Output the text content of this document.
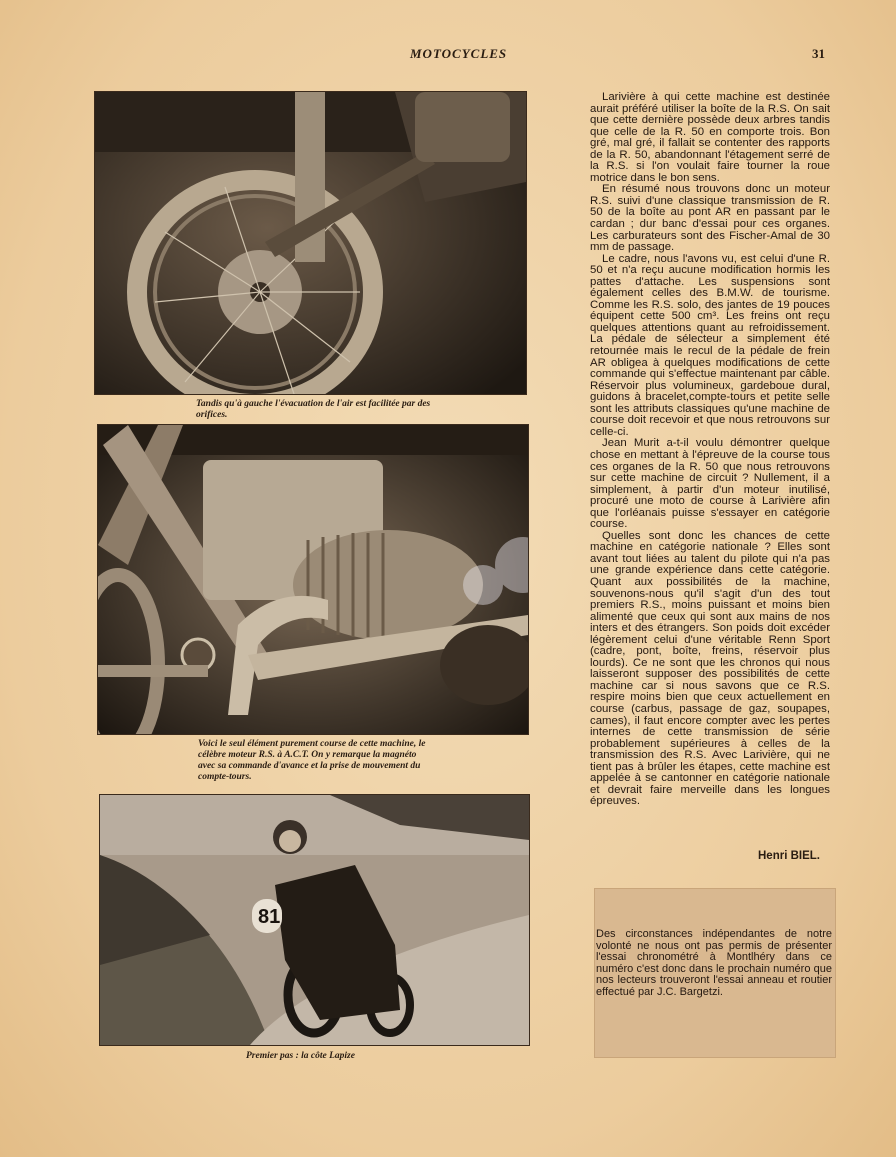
MOTOCYCLES	31
Tandis qu'à gauche l'évacuation de l'air est facilitée par des orifices.
Voici le seul élément purement course de cette machine, le célèbre moteur R.S. à A.C.T. On y remarque la magnéto avec sa commande d'avance et la prise de mouvement du compte-tours.
81
Premier pas : la côte Lapize

Larivière à qui cette machine est destinée aurait préféré utiliser la boîte de la R.S. On sait que cette dernière possède deux arbres tandis que celle de la R. 50 en comporte trois. Bon gré, mal gré, il fallait se contenter des rapports de la R. 50, abandonnant l'étagement serré de la R.S. si l'on voulait faire tourner la roue motrice dans le bon sens.

En résumé nous trouvons donc un moteur R.S. suivi d'une classique transmission de R. 50 de la boîte au pont AR en passant par le cardan ; dur banc d'essai pour ces organes. Les carburateurs sont des Fischer-Amal de 30 mm de passage.

Le cadre, nous l'avons vu, est celui d'une R. 50 et n'a reçu aucune modification hormis les pattes d'attache. Les suspensions sont également celles des B.M.W. de tourisme. Comme les R.S. solo, des jantes de 19 pouces équipent cette 500 cm³. Les freins ont reçu quelques attentions quant au refroidissement. La pédale de sélecteur a simplement été retournée mais le recul de la pédale de frein AR obligea à quelques modifications de cette commande qui s'effectue maintenant par câble. Réservoir plus volumineux, gardeboue dural, guidons à bracelet,compte-tours et petite selle sont les attributs classiques qu'une machine de course doit recevoir et que nous retrouvons sur celle-ci.

Jean Murit a-t-il voulu démontrer quelque chose en mettant à l'épreuve de la course tous ces organes de la R. 50 que nous retrouvons sur cette machine de circuit ? Nullement, il a simplement, à partir d'un moteur inutilisé, procuré une moto de course à Larivière afin que l'orléanais puisse s'essayer en catégorie course.

Quelles sont donc les chances de cette machine en catégorie nationale ? Elles sont avant tout liées au talent du pilote qui n'a pas une grande expérience dans cette catégorie. Quant aux possibilités de la machine, souvenons-nous qu'il s'agit d'un des tout premiers R.S., moins puissant et moins bien alimenté que ceux qui sont aux mains de nos inters et des étrangers. Son poids doit excéder légèrement celui d'une véritable Renn Sport (cadre, pont, boîte, freins, réservoir plus lourds). Ce ne sont que les chronos qui nous laisseront supposer des possibilités de cette machine car si nous savons que ce R.S. respire moins bien que ceux actuellement en course (carbus, passage de gaz, soupapes, cames), il faut encore compter avec les pertes internes de cette transmission de série probablement supérieures à celles de la transmission des R.S. Avec Larivière, qui ne tient pas à brûler les étapes, cette machine est appelée à se cantonner en catégorie nationale et devrait faire merveille dans les longues épreuves.

Henri BIEL.
Des circonstances indépendantes de notre volonté ne nous ont pas permis de présenter l'essai chronométré à Montlhéry dans ce numéro c'est donc dans le prochain numéro que nos lecteurs trouveront l'essai anneau et routier effectué par J.C. Bargetzi.
